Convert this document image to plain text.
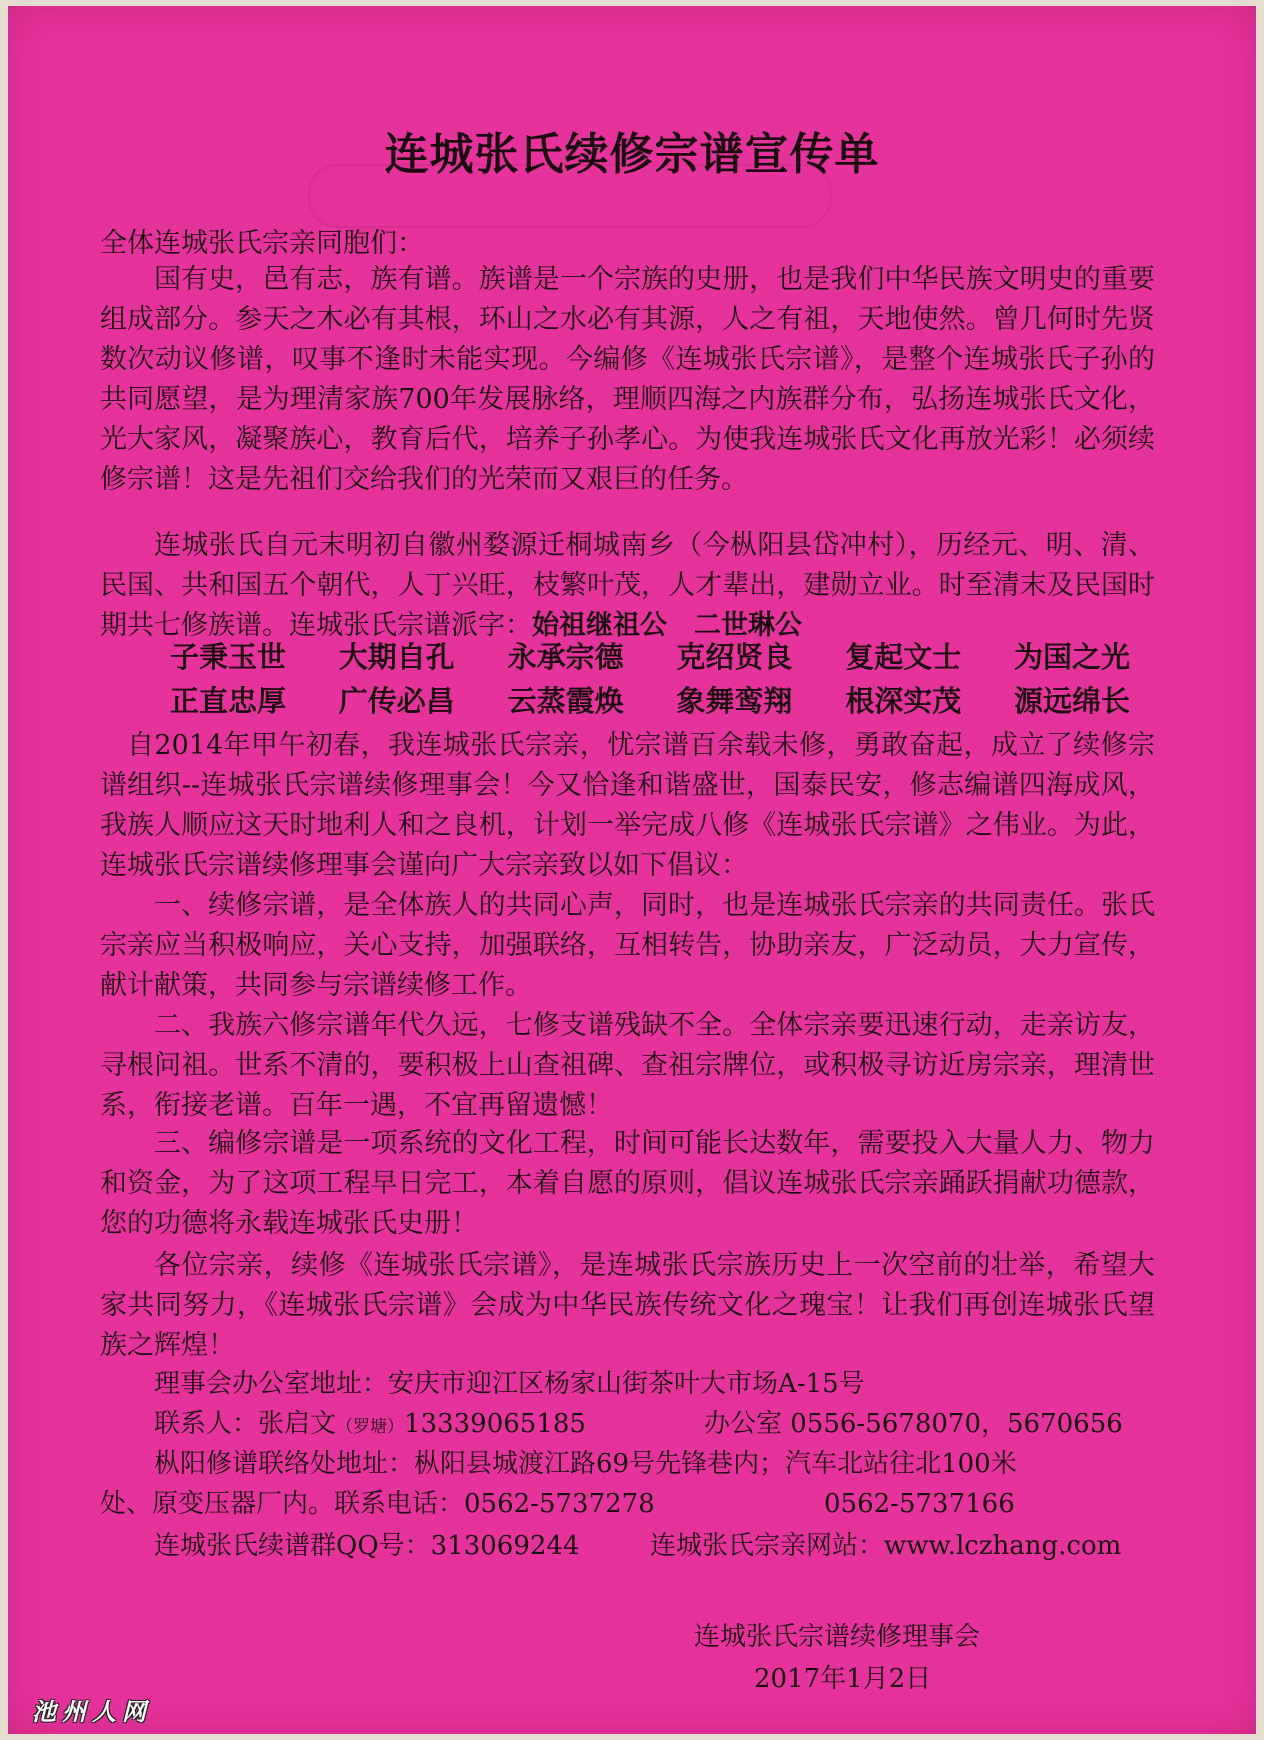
连城张氏续修宗谱宣传单
全体连城张氏宗亲同胞们：
国有史，邑有志，族有谱。族谱是一个宗族的史册，也是我们中华民族文明史的重要组成部分。参天之木必有其根，环山之水必有其源，人之有祖，天地使然。曾几何时先贤数次动议修谱，叹事不逢时未能实现。今编修《连城张氏宗谱》，是整个连城张氏子孙的共同愿望，是为理清家族700年发展脉络，理顺四海之内族群分布，弘扬连城张氏文化，光大家风，凝聚族心，教育后代，培养子孙孝心。为使我连城张氏文化再放光彩！必须续修宗谱！这是先祖们交给我们的光荣而又艰巨的任务。
连城张氏自元末明初自徽州婺源迁桐城南乡（今枞阳县岱冲村），历经元、明、清、民国、共和国五个朝代，人丁兴旺，枝繁叶茂，人才辈出，建勋立业。时至清末及民国时期共七修族谱。连城张氏宗谱派字：始祖继祖公　二世琳公
子秉玉世 大期自孔 永承宗德 克绍贤良 复起文士 为国之光
正直忠厚 广传必昌 云蒸霞焕 象舞鸾翔 根深实茂 源远绵长
自2014年甲午初春，我连城张氏宗亲，忧宗谱百余载未修，勇敢奋起，成立了续修宗谱组织--连城张氏宗谱续修理事会！今又恰逢和谐盛世，国泰民安，修志编谱四海成风，我族人顺应这天时地利人和之良机，计划一举完成八修《连城张氏宗谱》之伟业。为此，连城张氏宗谱续修理事会谨向广大宗亲致以如下倡议：
一、续修宗谱，是全体族人的共同心声，同时，也是连城张氏宗亲的共同责任。张氏宗亲应当积极响应，关心支持，加强联络，互相转告，协助亲友，广泛动员，大力宣传，献计献策，共同参与宗谱续修工作。
二、我族六修宗谱年代久远，七修支谱残缺不全。全体宗亲要迅速行动，走亲访友，寻根问祖。世系不清的，要积极上山查祖碑、查祖宗牌位，或积极寻访近房宗亲，理清世系，衔接老谱。百年一遇，不宜再留遗憾！
三、编修宗谱是一项系统的文化工程，时间可能长达数年，需要投入大量人力、物力和资金，为了这项工程早日完工，本着自愿的原则，倡议连城张氏宗亲踊跃捐献功德款，您的功德将永载连城张氏史册！
各位宗亲，续修《连城张氏宗谱》，是连城张氏宗族历史上一次空前的壮举，希望大家共同努力，《连城张氏宗谱》会成为中华民族传统文化之瑰宝！让我们再创连城张氏望族之辉煌！
理事会办公室地址：安庆市迎江区杨家山街茶叶大市场A-15号
联系人：张启文（罗塘）13339065185	办公室 0556-5678070，5670656
枞阳修谱联络处地址：枞阳县城渡江路69号先锋巷内；汽车北站往北100米
处、原变压器厂内。联系电话：0562-5737278	0562-5737166
连城张氏续谱群QQ号：313069244	连城张氏宗亲网站：www.lczhang.com
连城张氏宗谱续修理事会
2017年1月2日
池州人网
